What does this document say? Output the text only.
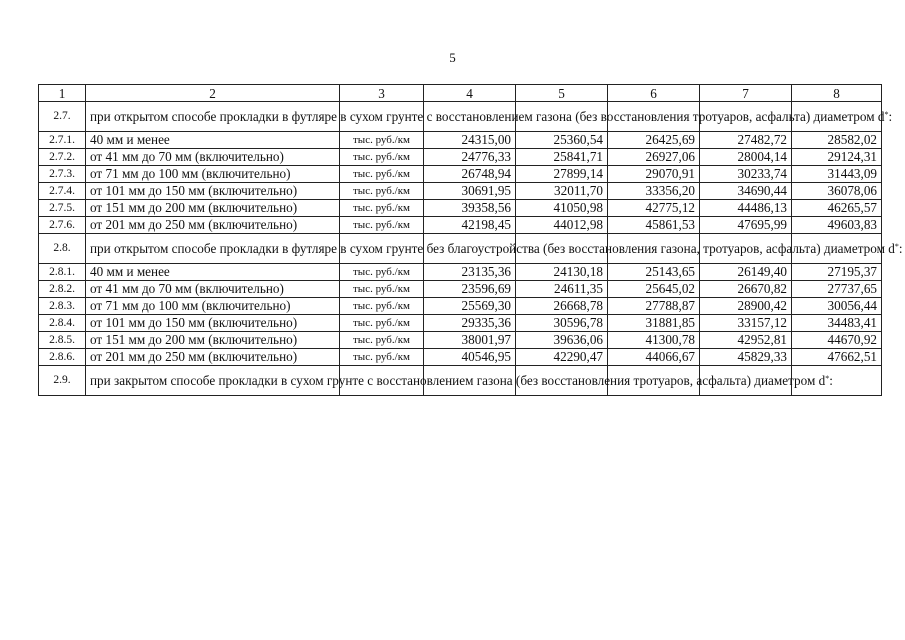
5
1	2	3	4	5	6	7	8
2.7.	при открытом способе прокладки в футляре в сухом грунте с восстановлением газона (без восстановления тротуаров, асфальта) диаметром d*:						
2.7.1.	40 мм и менее	тыс. руб./км	24315,00	25360,54	26425,69	27482,72	28582,02
2.7.2.	от 41 мм до 70 мм (включительно)	тыс. руб./км	24776,33	25841,71	26927,06	28004,14	29124,31
2.7.3.	от 71 мм до 100 мм (включительно)	тыс. руб./км	26748,94	27899,14	29070,91	30233,74	31443,09
2.7.4.	от 101 мм до 150 мм (включительно)	тыс. руб./км	30691,95	32011,70	33356,20	34690,44	36078,06
2.7.5.	от 151 мм до 200 мм (включительно)	тыс. руб./км	39358,56	41050,98	42775,12	44486,13	46265,57
2.7.6.	от 201 мм до 250 мм (включительно)	тыс. руб./км	42198,45	44012,98	45861,53	47695,99	49603,83
2.8.	при открытом способе прокладки в футляре в сухом грунте без благоустройства (без восстановления газона, тротуаров, асфальта) диаметром d*:						
2.8.1.	40 мм и менее	тыс. руб./км	23135,36	24130,18	25143,65	26149,40	27195,37
2.8.2.	от 41 мм до 70 мм (включительно)	тыс. руб./км	23596,69	24611,35	25645,02	26670,82	27737,65
2.8.3.	от 71 мм до 100 мм (включительно)	тыс. руб./км	25569,30	26668,78	27788,87	28900,42	30056,44
2.8.4.	от 101 мм до 150 мм (включительно)	тыс. руб./км	29335,36	30596,78	31881,85	33157,12	34483,41
2.8.5.	от 151 мм до 200 мм (включительно)	тыс. руб./км	38001,97	39636,06	41300,78	42952,81	44670,92
2.8.6.	от 201 мм до 250 мм (включительно)	тыс. руб./км	40546,95	42290,47	44066,67	45829,33	47662,51
2.9.	при закрытом способе прокладки в сухом грунте с восстановлением газона (без восстановления тротуаров, асфальта) диаметром d*:						
